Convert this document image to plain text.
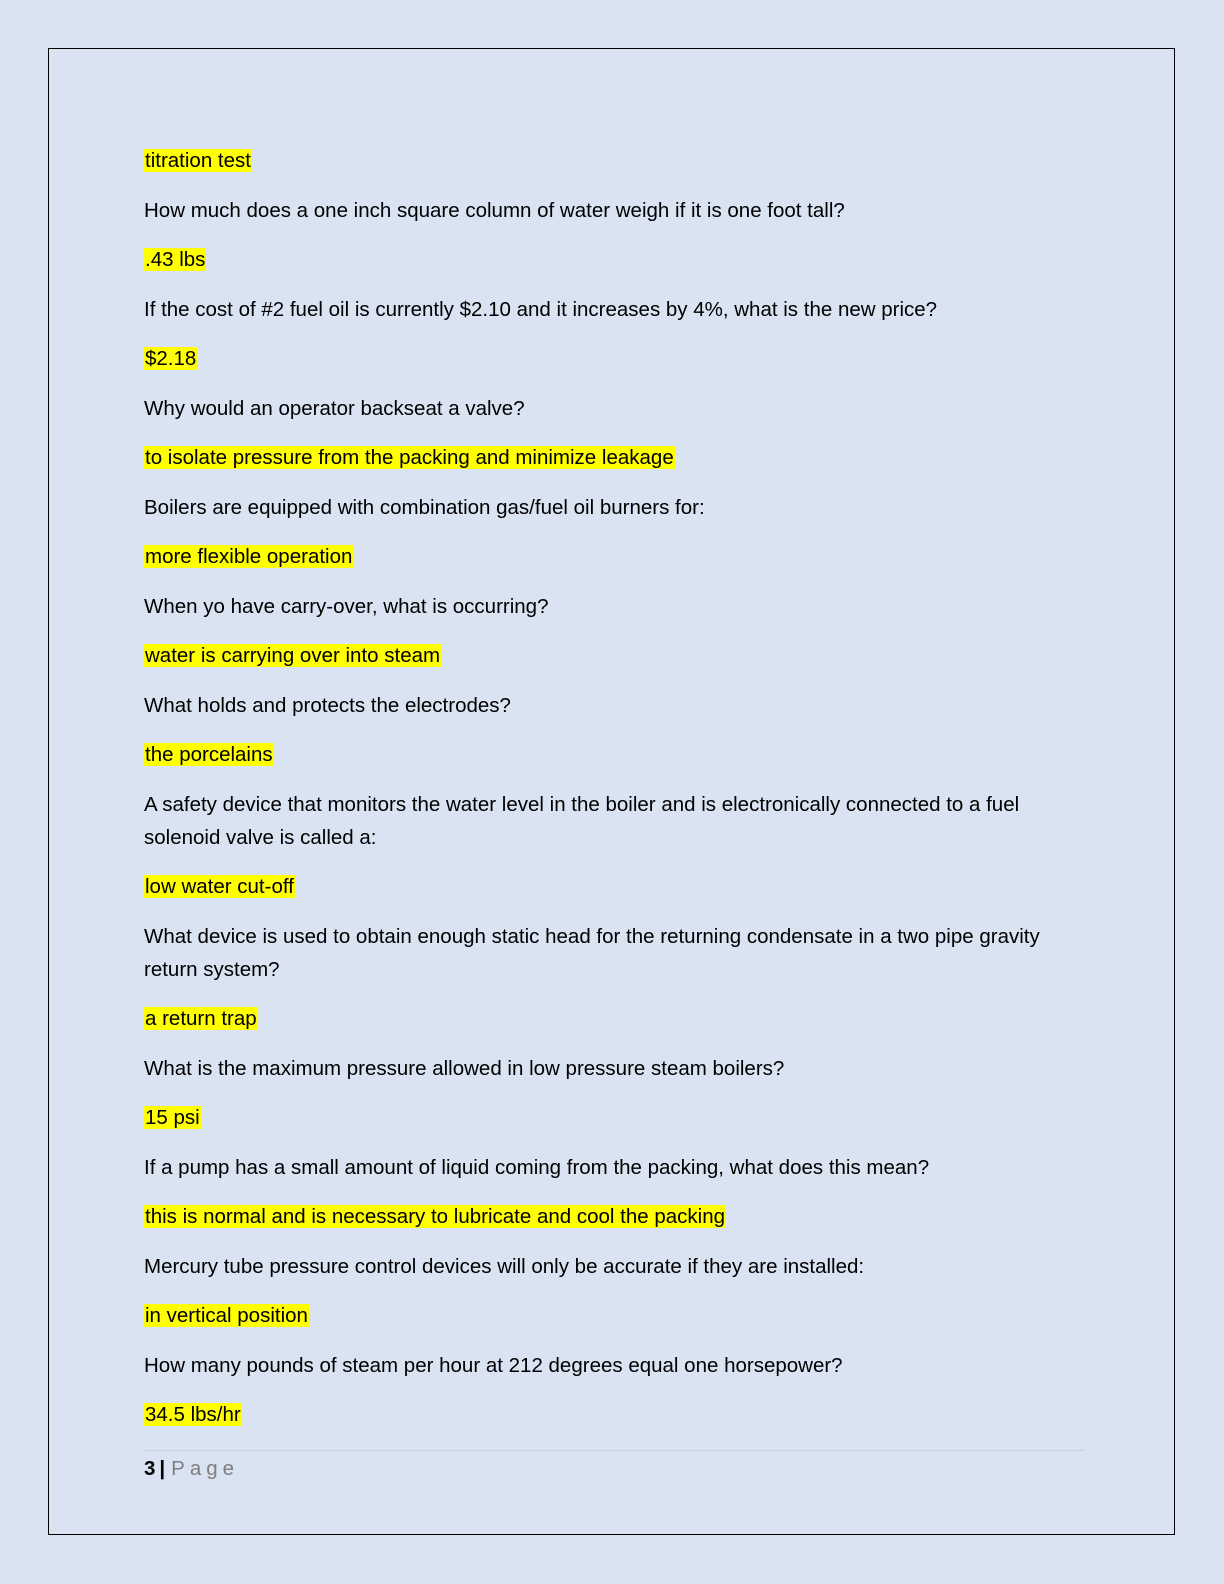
titration test
How much does a one inch square column of water weigh if it is one foot tall?
.43 lbs
If the cost of #2 fuel oil is currently $2.10 and it increases by 4%, what is the new price?
$2.18
Why would an operator backseat a valve?
to isolate pressure from the packing and minimize leakage
Boilers are equipped with combination gas/fuel oil burners for:
more flexible operation
When yo have carry-over, what is occurring?
water is carrying over into steam
What holds and protects the electrodes?
the porcelains
A safety device that monitors the water level in the boiler and is electronically connected to a fuel solenoid valve is called a:
low water cut-off
What device is used to obtain enough static head for the returning condensate in a two pipe gravity return system?
a return trap
What is the maximum pressure allowed in low pressure steam boilers?
15 psi
If a pump has a small amount of liquid coming from the packing, what does this mean?
this is normal and is necessary to lubricate and cool the packing
Mercury tube pressure control devices will only be accurate if they are installed:
in vertical position
How many pounds of steam per hour at 212 degrees equal one horsepower?
34.5 lbs/hr
3 | Page
